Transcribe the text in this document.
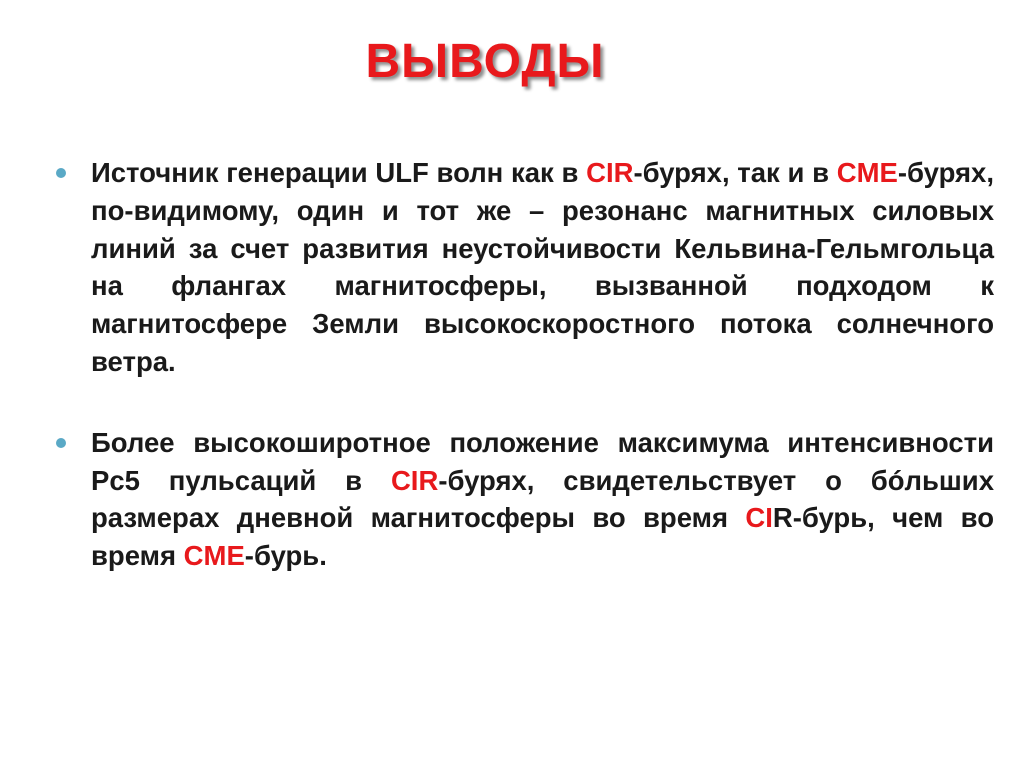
ВЫВОДЫ
Источник генерации ULF волн как в CIR-бурях, так и в CME-бурях, по-видимому, один и тот же – резонанс магнитных силовых линий за счет развития неустойчивости Кельвина-Гельмгольца на флангах магнитосферы, вызванной подходом к магнитосфере Земли высокоскоростного потока солнечного ветра.
Более высокоширотное положение максимума интенсивности Pc5 пульсаций в CIR-бурях, свидетельствует о бóльших размерах дневной магнитосферы во время CIR-бурь, чем во время CME-бурь.
